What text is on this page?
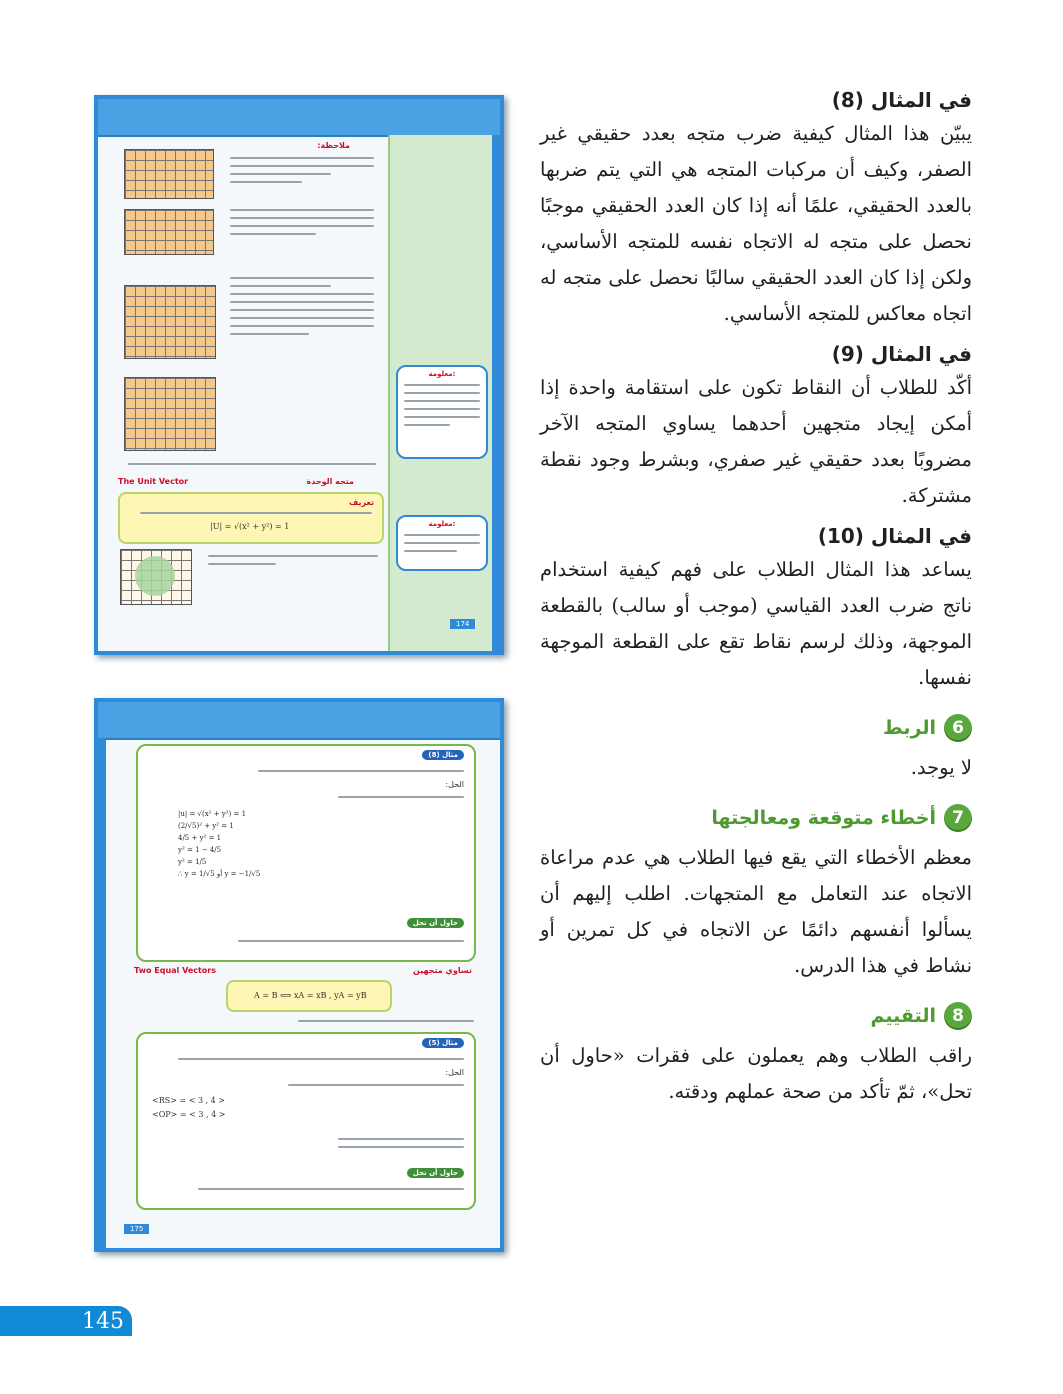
معلومة:
معلومة:
174
ملاحظة:
The Unit Vector	متجه الوحدة
تعريف
|U| = √(x² + y²) = 1
مثال (8)
الحل:
|u| = √(x² + y²) = 1
(2/√5)² + y² = 1
4/5 + y² = 1
y² = 1 − 4/5
y² = 1/5
∴ y = 1/√5 أو y = −1/√5
حاول أن تحل
Two Equal Vectors	تساوي متجهين
A = B ⟺ xA = xB , yA = yB
مثال (5)
الحل:
<RS> = < 3 , 4 >
<OP> = < 3 , 4 >
حاول أن تحل
175
في المثال (8)

يبيّن هذا المثال كيفية ضرب متجه بعدد حقيقي غير الصفر، وكيف أن مركبات المتجه هي التي يتم ضربها بالعدد الحقيقي، علمًا أنه إذا كان العدد الحقيقي موجبًا نحصل على متجه له الاتجاه نفسه للمتجه الأساسي، ولكن إذا كان العدد الحقيقي سالبًا نحصل على متجه له اتجاه معاكس للمتجه الأساسي.

في المثال (9)

أكّد للطلاب أن النقاط تكون على استقامة واحدة إذا أمكن إيجاد متجهين أحدهما يساوي المتجه الآخر مضروبًا بعدد حقيقي غير صفري، وبشرط وجود نقطة مشتركة.

في المثال (10)

يساعد هذا المثال الطلاب على فهم كيفية استخدام ناتج ضرب العدد القياسي (موجب أو سالب) بالقطعة الموجهة، وذلك لرسم نقاط تقع على القطعة الموجهة نفسها.

6
الربط

لا يوجد.

7
أخطاء متوقعة ومعالجتها

معظم الأخطاء التي يقع فيها الطلاب هي عدم مراعاة الاتجاه عند التعامل مع المتجهات. اطلب إليهم أن يسألوا أنفسهم دائمًا عن الاتجاه في كل تمرين أو نشاط في هذا الدرس.

8
التقييم

راقب الطلاب وهم يعملون على فقرات «حاول أن تحل»، ثمّ تأكد من صحة عملهم ودقته.

145
